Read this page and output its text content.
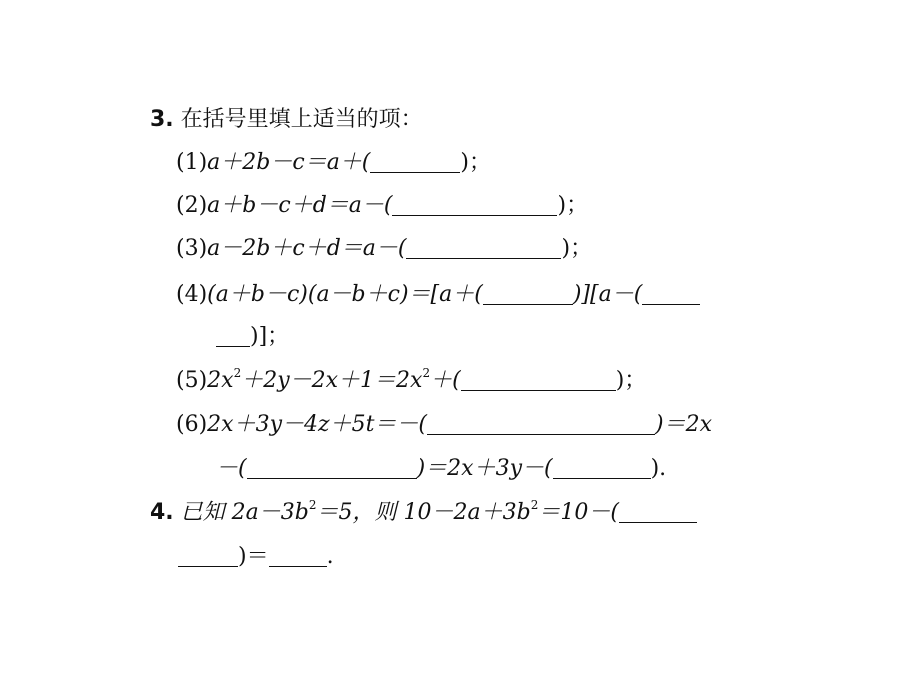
3. 在括号里填上适当的项：
(1)a＋2b－c＝a＋(	)；
(2)a＋b－c＋d＝a－(	)；
(3)a－2b＋c＋d＝a－(	)；
(4)(a＋b－c)(a－b＋c)＝[a＋(	)][a－(
)]；
$(5)2x^2+2y-2x+1=2x^2+$(	)；
(6)2x＋3y－4z＋5t＝－(	)＝2x
－(	)＝2x＋3y－(	).
4. 已知 $2a-3b^2=5$，则 $10-2a+3b^2=10-$(
)＝	.
